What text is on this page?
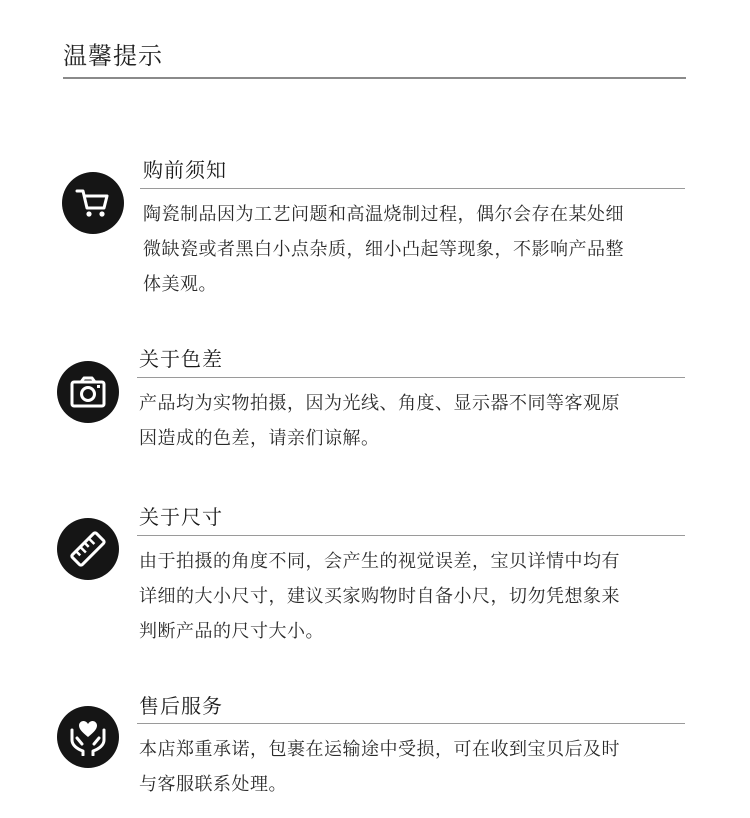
温馨提示
购前须知
陶瓷制品因为工艺问题和高温烧制过程，偶尔会存在某处细
微缺瓷或者黑白小点杂质，细小凸起等现象，不影响产品整
体美观。
关于色差
产品均为实物拍摄，因为光线、角度、显示器不同等客观原
因造成的色差，请亲们谅解。
关于尺寸
由于拍摄的角度不同，会产生的视觉误差，宝贝详情中均有
详细的大小尺寸，建议买家购物时自备小尺，切勿凭想象来
判断产品的尺寸大小。
售后服务
本店郑重承诺，包裹在运输途中受损，可在收到宝贝后及时
与客服联系处理。
